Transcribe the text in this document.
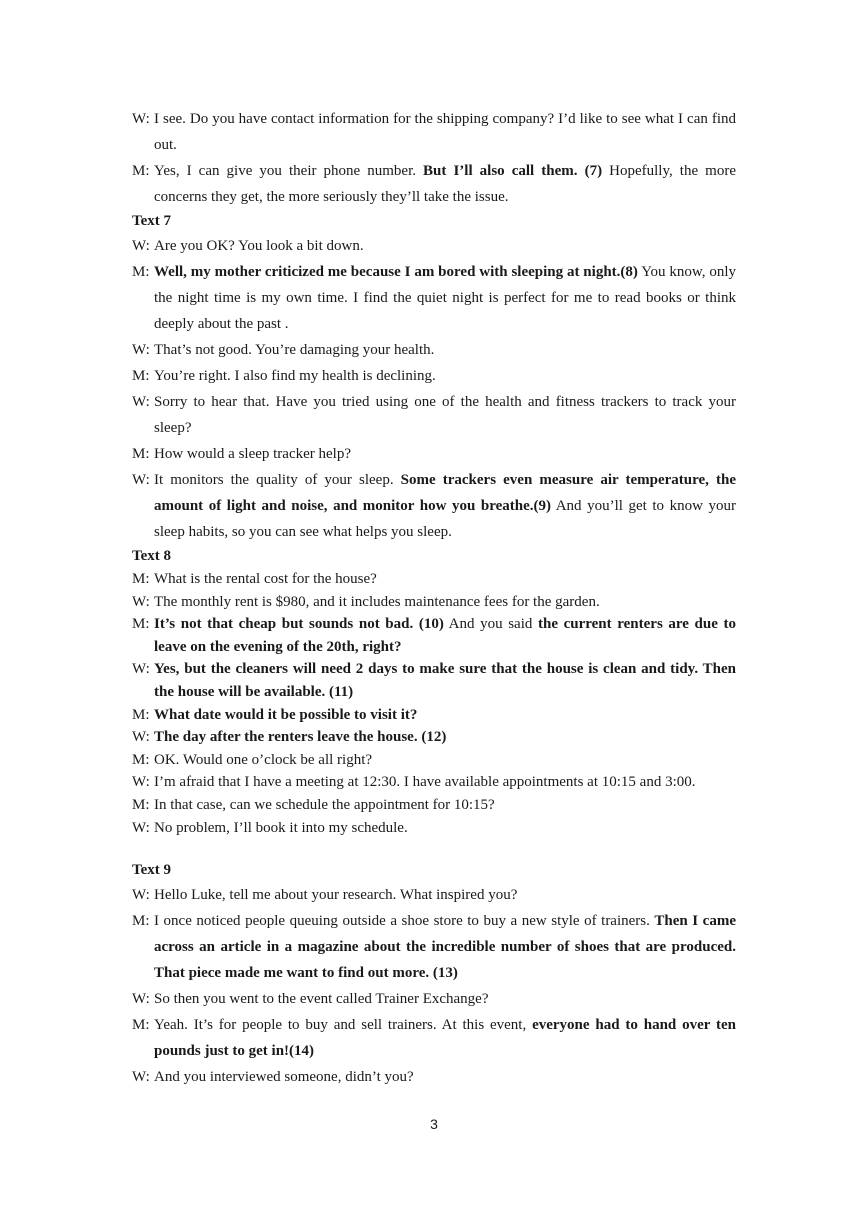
W: I see. Do you have contact information for the shipping company? I’d like to see what I can find out.
M: Yes, I can give you their phone number. But I’ll also call them. (7) Hopefully, the more concerns they get, the more seriously they’ll take the issue.
Text 7
W: Are you OK? You look a bit down.
M: Well, my mother criticized me because I am bored with sleeping at night.(8) You know, only the night time is my own time. I find the quiet night is perfect for me to read books or think deeply about the past .
W: That’s not good. You’re damaging your health.
M: You’re right. I also find my health is declining.
W: Sorry to hear that. Have you tried using one of the health and fitness trackers to track your sleep?
M: How would a sleep tracker help?
W: It monitors the quality of your sleep. Some trackers even measure air temperature, the amount of light and noise, and monitor how you breathe.(9) And you’ll get to know your sleep habits, so you can see what helps you sleep.
Text 8
M: What is the rental cost for the house?
W: The monthly rent is $980, and it includes maintenance fees for the garden.
M: It’s not that cheap but sounds not bad. (10) And you said the current renters are due to leave on the evening of the 20th, right?
W: Yes, but the cleaners will need 2 days to make sure that the house is clean and tidy. Then the house will be available. (11)
M: What date would it be possible to visit it?
W: The day after the renters leave the house. (12)
M: OK. Would one o’clock be all right?
W: I’m afraid that I have a meeting at 12:30. I have available appointments at 10:15 and 3:00.
M: In that case, can we schedule the appointment for 10:15?
W: No problem, I’ll book it into my schedule.
Text 9
W: Hello Luke, tell me about your research. What inspired you?
M: I once noticed people queuing outside a shoe store to buy a new style of trainers. Then I came across an article in a magazine about the incredible number of shoes that are produced. That piece made me want to find out more. (13)
W: So then you went to the event called Trainer Exchange?
M: Yeah. It’s for people to buy and sell trainers. At this event, everyone had to hand over ten pounds just to get in!(14)
W: And you interviewed someone, didn’t you?
3
